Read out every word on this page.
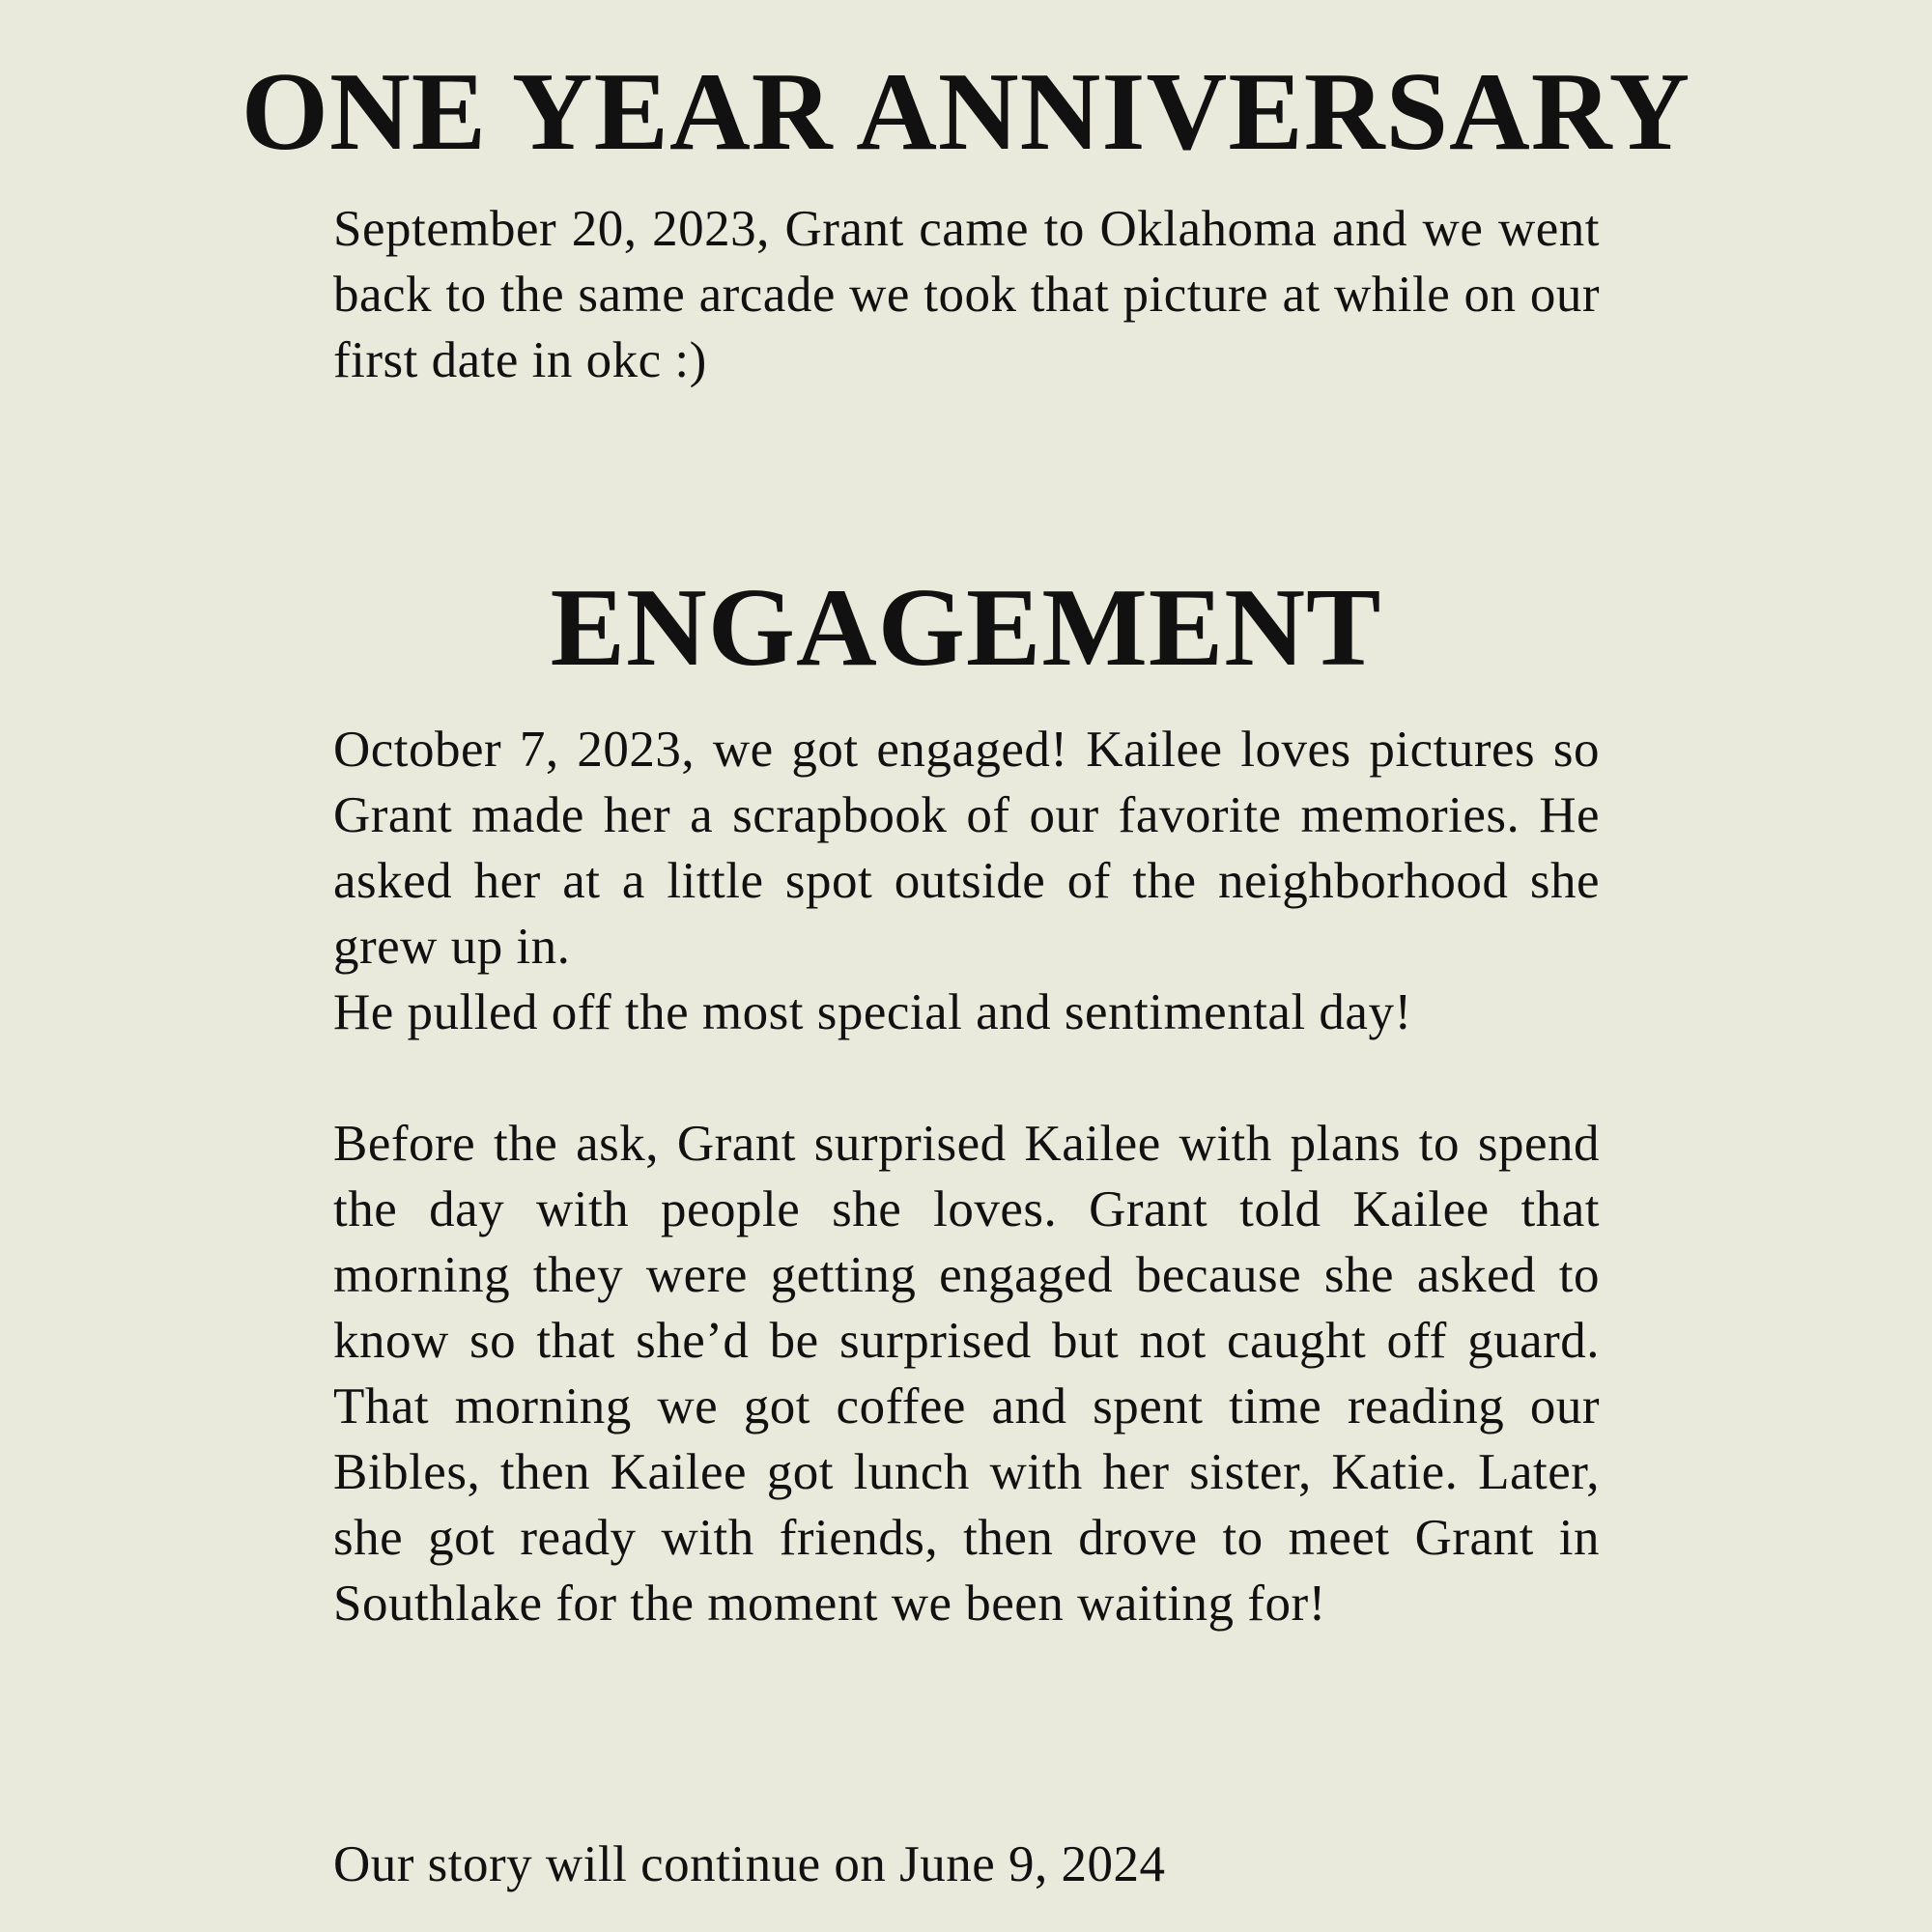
ONE YEAR ANNIVERSARY

September 20, 2023, Grant came to Oklahoma and we went back to the same arcade we took that picture at while on our first date in okc :)

ENGAGEMENT

October 7, 2023, we got engaged! Kailee loves pictures so Grant made her a scrapbook of our favorite memories. He asked her at a little spot outside of the neighborhood she grew up in.

He pulled off the most special and sentimental day!

Before the ask, Grant surprised Kailee with plans to spend the day with people she loves. Grant told Kailee that morning they were getting engaged because she asked to know so that she’d be surprised but not caught off guard. That morning we got coffee and spent time reading our Bibles, then Kailee got lunch with her sister, Katie. Later, she got ready with friends, then drove to meet Grant in Southlake for the moment we been waiting for!

Our story will continue on June 9, 2024
